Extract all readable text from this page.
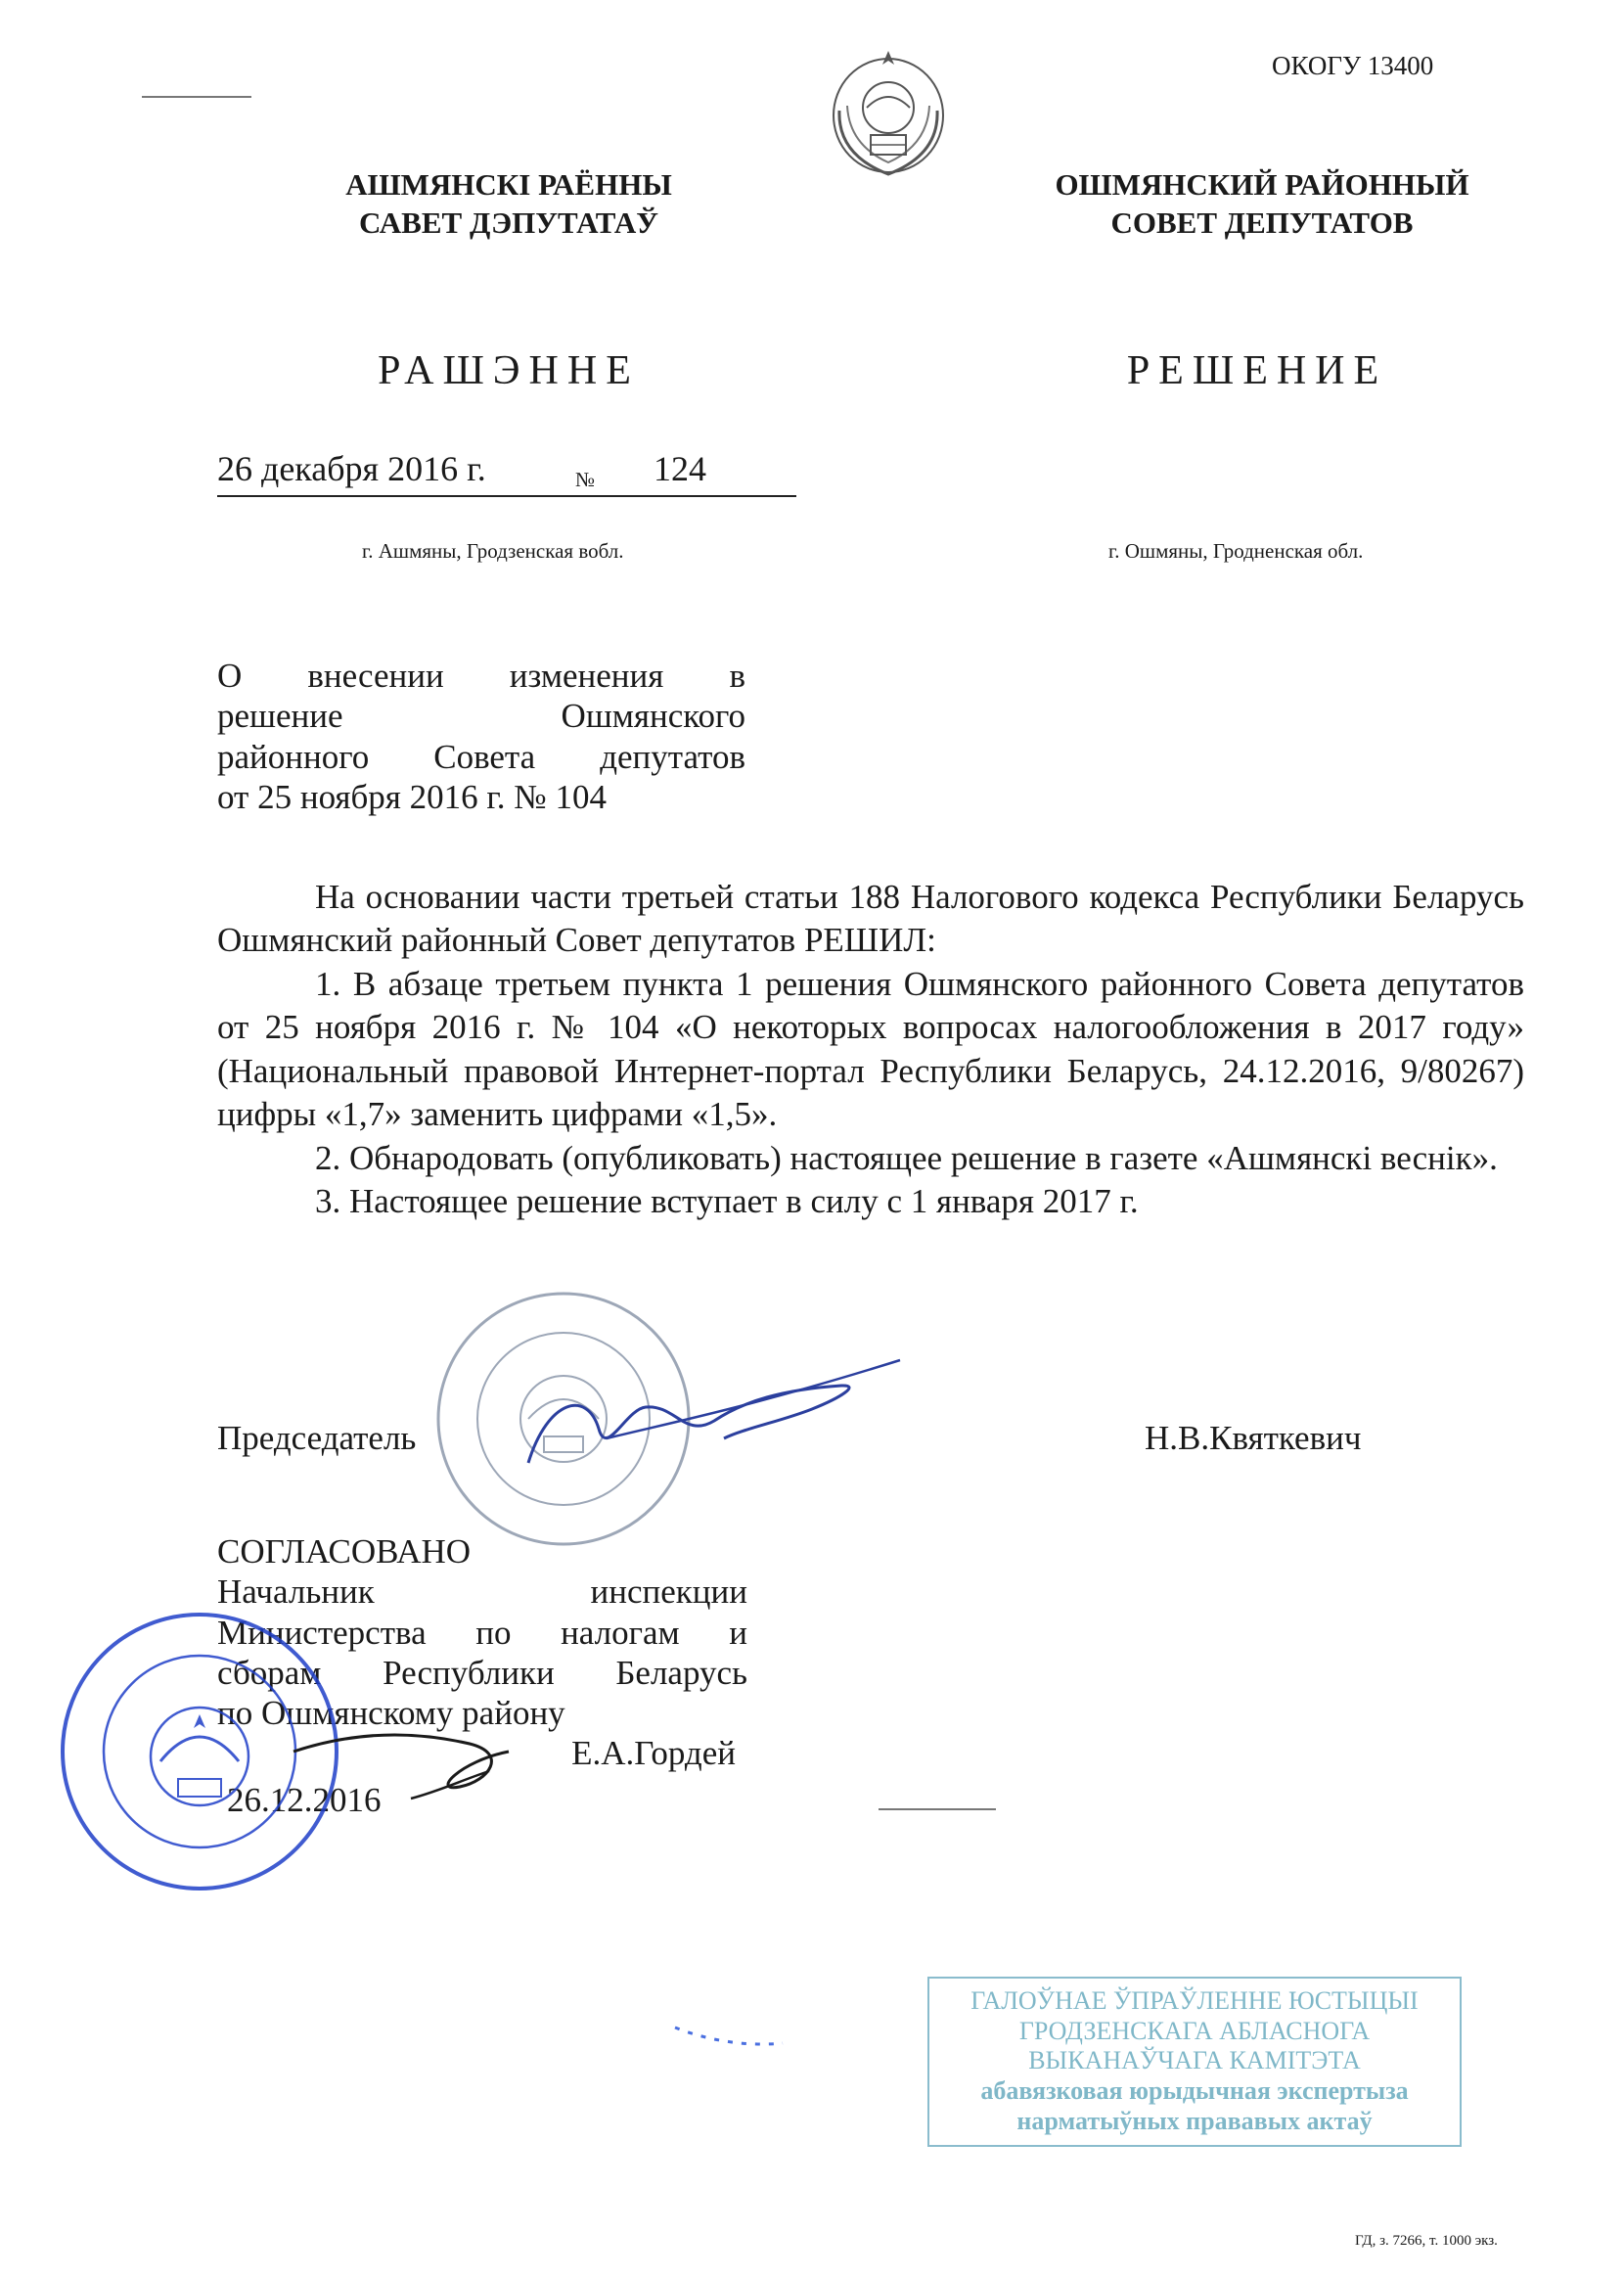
ОКОГУ 13400
АШМЯНСКІ РАЁННЫ
САВЕТ ДЭПУТАТАЎ
ОШМЯНСКИЙ РАЙОННЫЙ
СОВЕТ ДЕПУТАТОВ
РАШЭННЕ	РЕШЕНИЕ
26 декабря 2016 г.	№ 124
г. Ашмяны, Гродзенская вобл.	г. Ошмяны, Гродненская обл.
О внесении изменения в
решение Ошмянского
районного Совета депутатов
от 25 ноября 2016 г. № 104

На основании части третьей статьи 188 Налогового кодекса Республики Беларусь Ошмянский районный Совет депутатов РЕШИЛ:

1. В абзаце третьем пункта 1 решения Ошмянского районного Совета депутатов от 25 ноября 2016 г. № 104 «О некоторых вопросах налогообложения в 2017 году» (Национальный правовой Интернет-портал Республики Беларусь, 24.12.2016, 9/80267) цифры «1,7» заменить цифрами «1,5».

2. Обнародовать (опубликовать) настоящее решение в газете «Ашмянскі веснік».

3. Настоящее решение вступает в силу с 1 января 2017 г.

Председатель	Н.В.Квяткевич
СОГЛАСОВАНО
Начальник инспекции
Министерства по налогам и
сборам Республики Беларусь
по Ошмянскому району
Е.А.Гордей
26.12.2016
ГАЛОЎНАЕ ЎПРАЎЛЕННЕ ЮСТЫЦЫІ
ГРОДЗЕНСКАГА АБЛАСНОГА
ВЫКАНАЎЧАГА КАМІТЭТА
абавязковая юрыдычная экспертыза
нарматыўных прававых актаў
ГД, з. 7266, т. 1000 экз.
